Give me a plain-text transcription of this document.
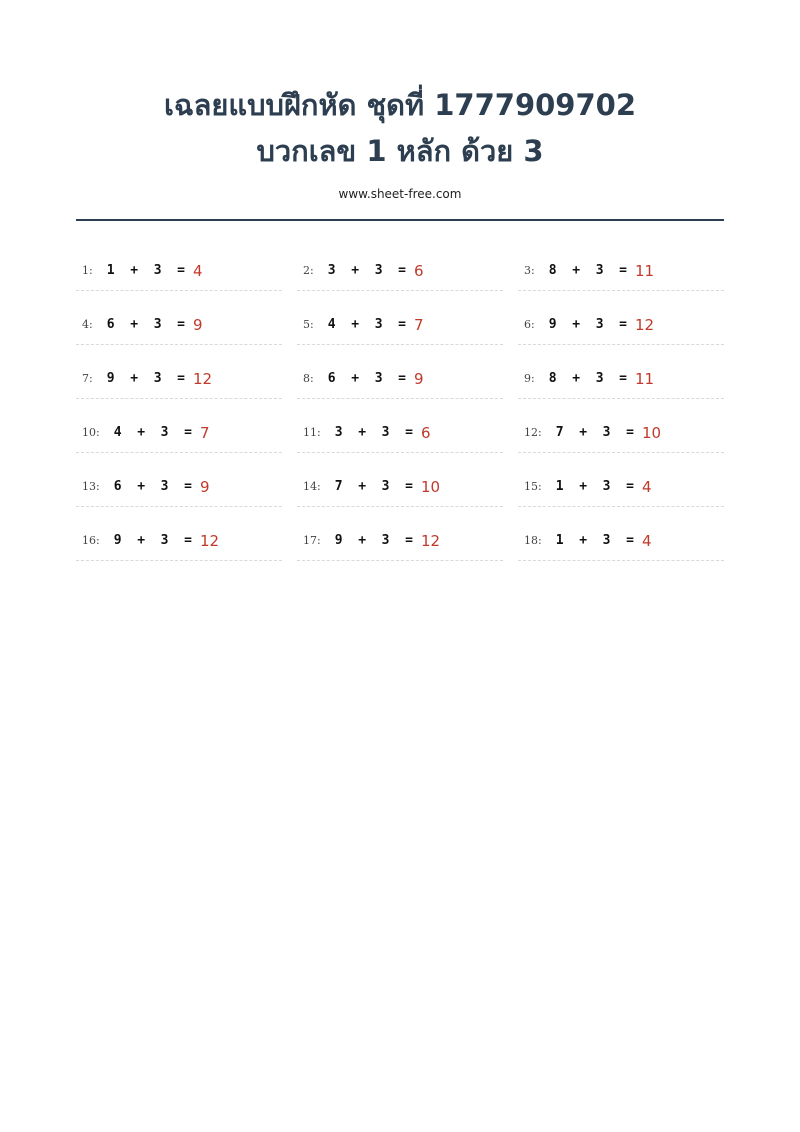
เฉลยแบบฝึกหัด ชุดที่ 1777909702
บวกเลข 1 หลัก ด้วย 3
www.sheet-free.com
1: 1 + 3 = 4	2: 3 + 3 = 6	3: 8 + 3 = 11
4: 6 + 3 = 9	5: 4 + 3 = 7	6: 9 + 3 = 12
7: 9 + 3 = 12	8: 6 + 3 = 9	9: 8 + 3 = 11
10: 4 + 3 = 7	11: 3 + 3 = 6	12: 7 + 3 = 10
13: 6 + 3 = 9	14: 7 + 3 = 10	15: 1 + 3 = 4
16: 9 + 3 = 12	17: 9 + 3 = 12	18: 1 + 3 = 4
